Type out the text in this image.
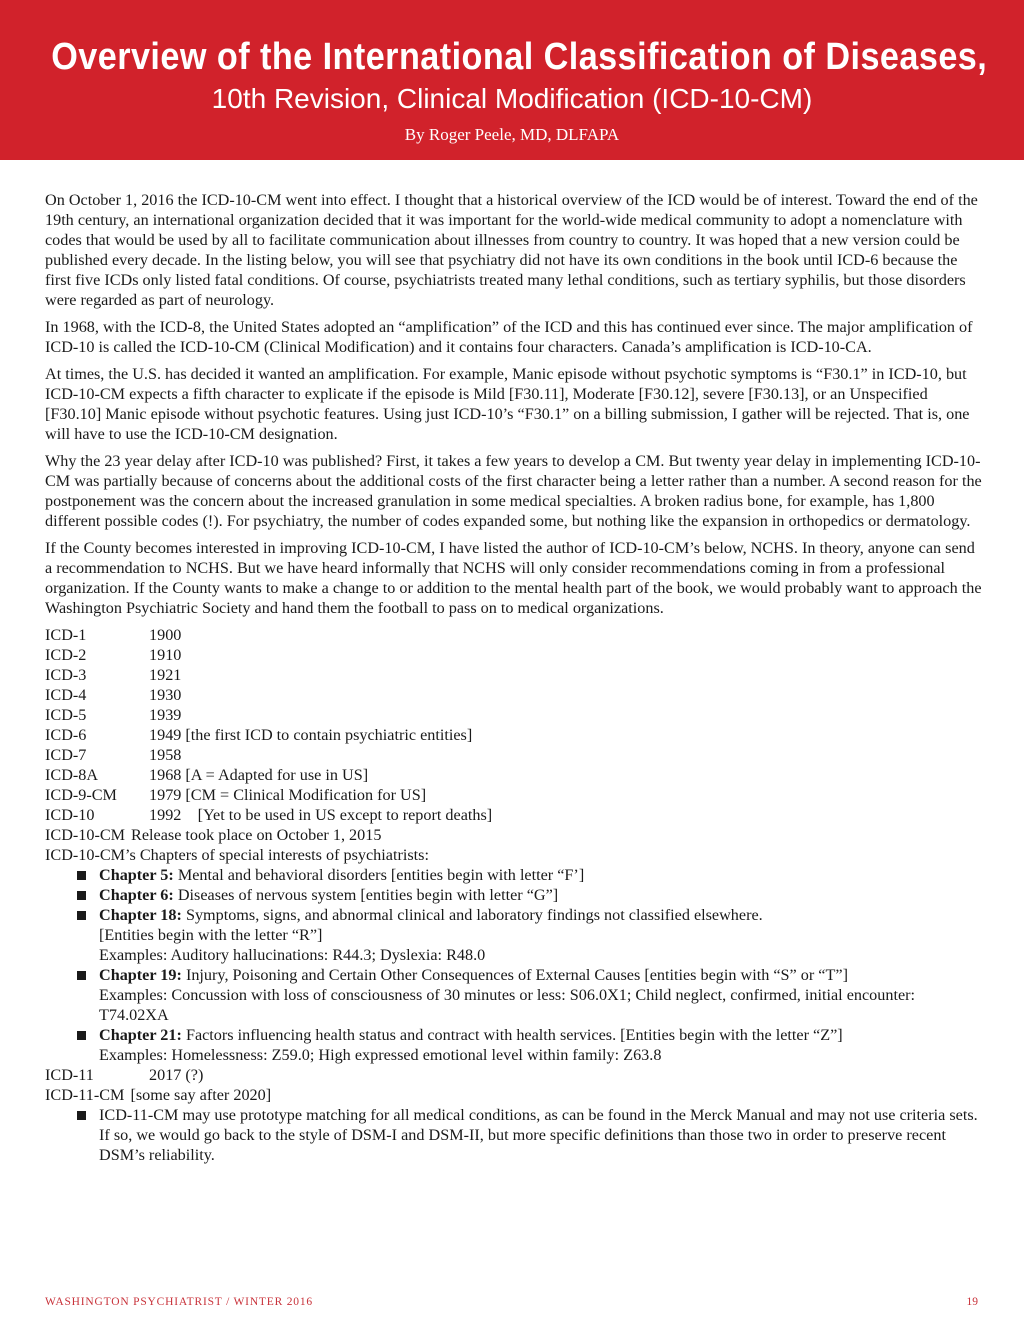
Overview of the International Classification of Diseases,
10th Revision, Clinical Modification (ICD-10-CM)
By Roger Peele, MD, DLFAPA

On October 1, 2016 the ICD-10-CM went into effect. I thought that a historical overview of the ICD would be of interest. Toward the end of the 19th century, an international organization decided that it was important for the world-wide medical community to adopt a nomenclature with codes that would be used by all to facilitate communication about illnesses from country to country. It was hoped that a new version could be published every decade. In the listing below, you will see that psychiatry did not have its own conditions in the book until ICD-6 because the first five ICDs only listed fatal conditions. Of course, psychiatrists treated many lethal conditions, such as tertiary syphilis, but those disorders were regarded as part of neurology.

In 1968, with the ICD-8, the United States adopted an “amplification” of the ICD and this has continued ever since. The major amplification of ICD-10 is called the ICD-10-CM (Clinical Modification) and it contains four characters. Canada’s amplification is ICD-10-CA.

At times, the U.S. has decided it wanted an amplification. For example, Manic episode without psychotic symptoms is “F30.1” in ICD-10, but ICD-10-CM expects a fifth character to explicate if the episode is Mild [F30.11], Moderate [F30.12], severe [F30.13], or an Unspecified [F30.10] Manic episode without psychotic features. Using just ICD-10’s “F30.1” on a billing submission, I gather will be rejected. That is, one will have to use the ICD-10-CM designation.

Why the 23 year delay after ICD-10 was published? First, it takes a few years to develop a CM. But twenty year delay in implementing ICD-10-CM was partially because of concerns about the additional costs of the first character being a letter rather than a number. A second reason for the postponement was the concern about the increased granulation in some medical specialties. A broken radius bone, for example, has 1,800 different possible codes (!). For psychiatry, the number of codes expanded some, but nothing like the expansion in orthopedics or dermatology.

If the County becomes interested in improving ICD-10-CM, I have listed the author of ICD-10-CM’s below, NCHS. In theory, anyone can send a recommendation to NCHS. But we have heard informally that NCHS will only consider recommendations coming in from a professional organization. If the County wants to make a change to or addition to the mental health part of the book, we would probably want to approach the Washington Psychiatric Society and hand them the football to pass on to medical organizations.

ICD-1	1900
ICD-2	1910
ICD-3	1921
ICD-4	1930
ICD-5	1939
ICD-6	1949 [the first ICD to contain psychiatric entities]
ICD-7	1958
ICD-8A	1968 [A = Adapted for use in US]
ICD-9-CM	1979 [CM = Clinical Modification for US]
ICD-10	1992    [Yet to be used in US except to report deaths]
ICD-10-CM Release took place on October 1, 2015
ICD-10-CM’s Chapters of special interests of psychiatrists:
Chapter 5: Mental and behavioral disorders [entities begin with letter “F’]
Chapter 6: Diseases of nervous system [entities begin with letter “G”]
Chapter 18: Symptoms, signs, and abnormal clinical and laboratory findings not classified elsewhere.
[Entities begin with the letter “R”]
Examples: Auditory hallucinations: R44.3; Dyslexia: R48.0
Chapter 19: Injury, Poisoning and Certain Other Consequences of External Causes [entities begin with “S” or “T”]
Examples: Concussion with loss of consciousness of 30 minutes or less: S06.0X1; Child neglect, confirmed, initial encounter: T74.02XA
Chapter 21: Factors influencing health status and contract with health services. [Entities begin with the letter “Z”]
Examples: Homelessness: Z59.0; High expressed emotional level within family: Z63.8
ICD-11	2017 (?)
ICD-11-CM [some say after 2020]
ICD-11-CM may use prototype matching for all medical conditions, as can be found in the Merck Manual and may not use criteria sets. If so, we would go back to the style of DSM-I and DSM-II, but more specific definitions than those two in order to preserve recent DSM’s reliability.
WASHINGTON PSYCHIATRIST / WINTER 2016	19
